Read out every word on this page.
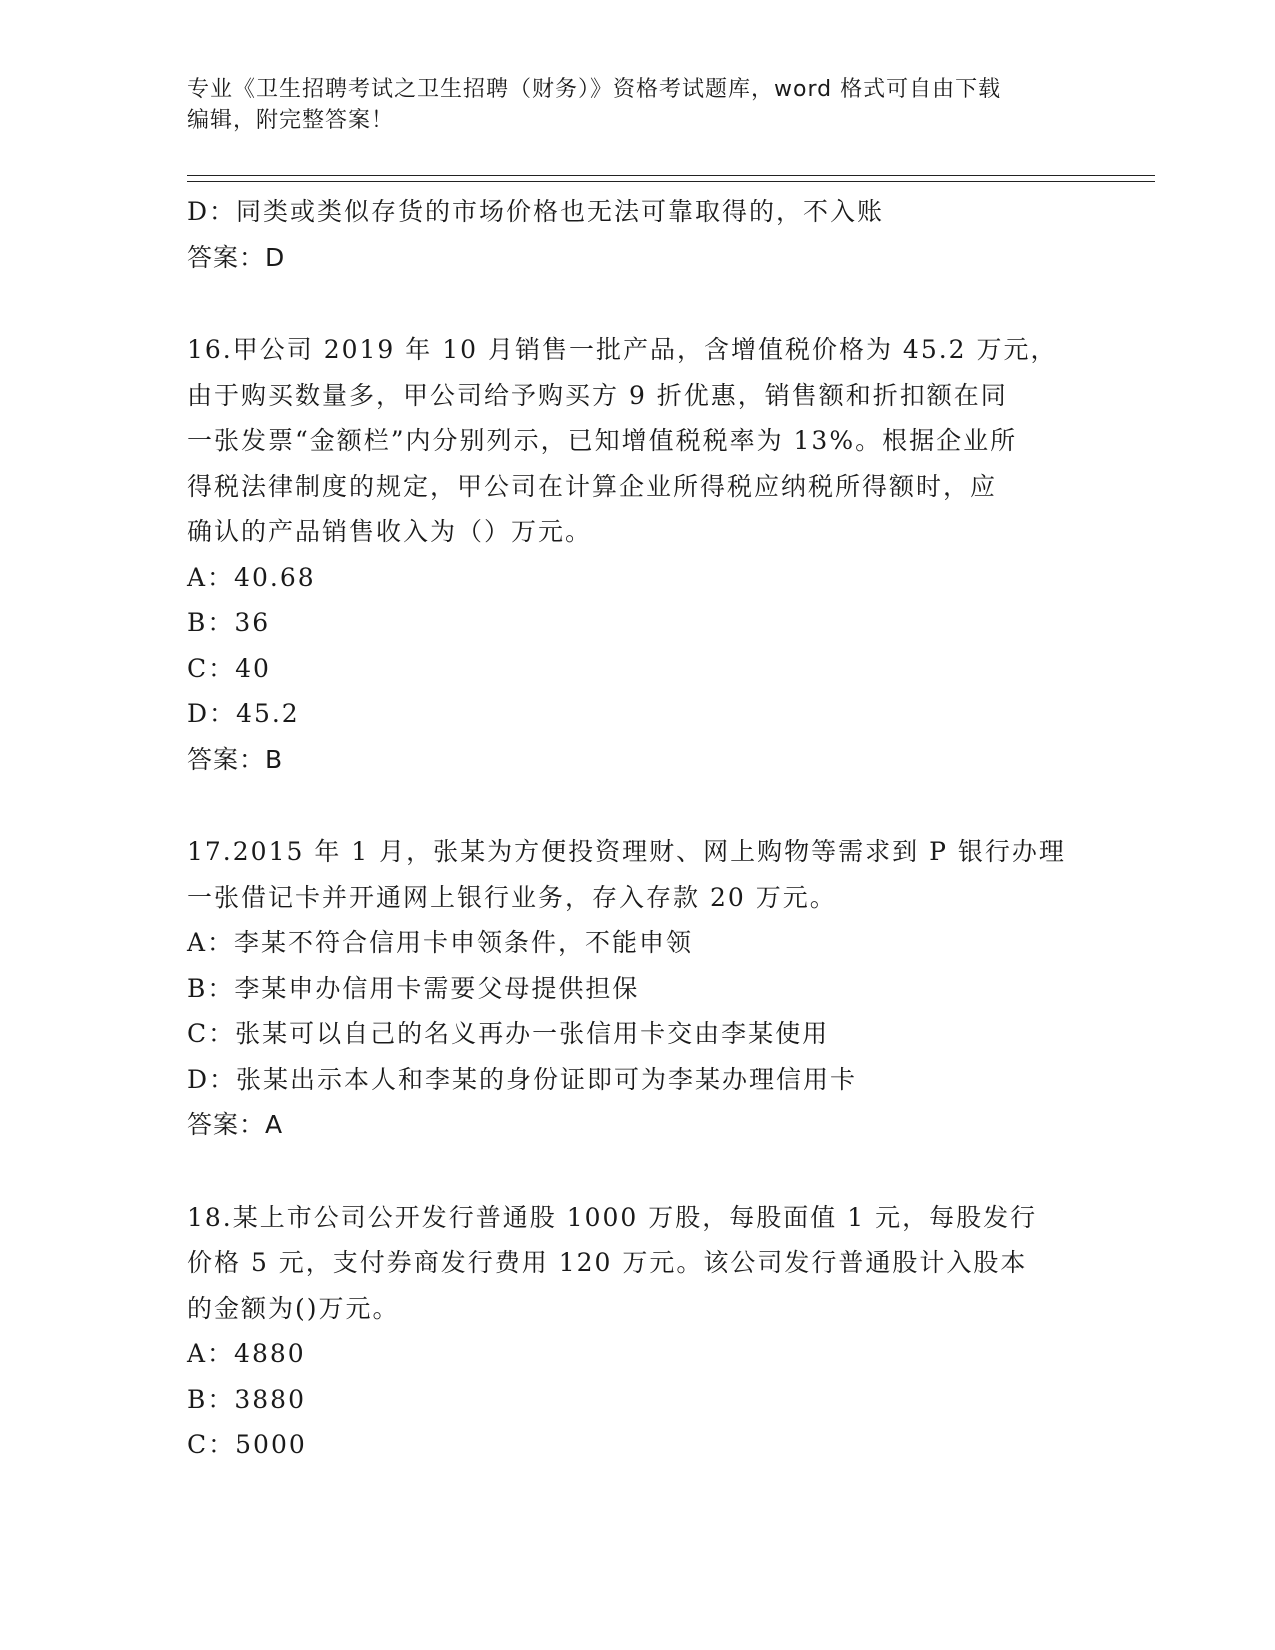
专业《卫生招聘考试之卫生招聘（财务）》资格考试题库，word 格式可自由下载
编辑，附完整答案！
D：同类或类似存货的市场价格也无法可靠取得的，不入账
答案：D
16.甲公司 2019 年 10 月销售一批产品，含增值税价格为 45.2 万元，
由于购买数量多，甲公司给予购买方 9 折优惠，销售额和折扣额在同
一张发票“金额栏”内分别列示，已知增值税税率为 13%。根据企业所
得税法律制度的规定，甲公司在计算企业所得税应纳税所得额时，应
确认的产品销售收入为（）万元。
A：40.68
B：36
C：40
D：45.2
答案：B
17.2015 年 1 月，张某为方便投资理财、网上购物等需求到 P 银行办理
一张借记卡并开通网上银行业务，存入存款 20 万元。
A：李某不符合信用卡申领条件，不能申领
B：李某申办信用卡需要父母提供担保
C：张某可以自己的名义再办一张信用卡交由李某使用
D：张某出示本人和李某的身份证即可为李某办理信用卡
答案：A
18.某上市公司公开发行普通股 1000 万股，每股面值 1 元，每股发行
价格 5 元，支付券商发行费用 120 万元。该公司发行普通股计入股本
的金额为()万元。
A：4880
B：3880
C：5000
